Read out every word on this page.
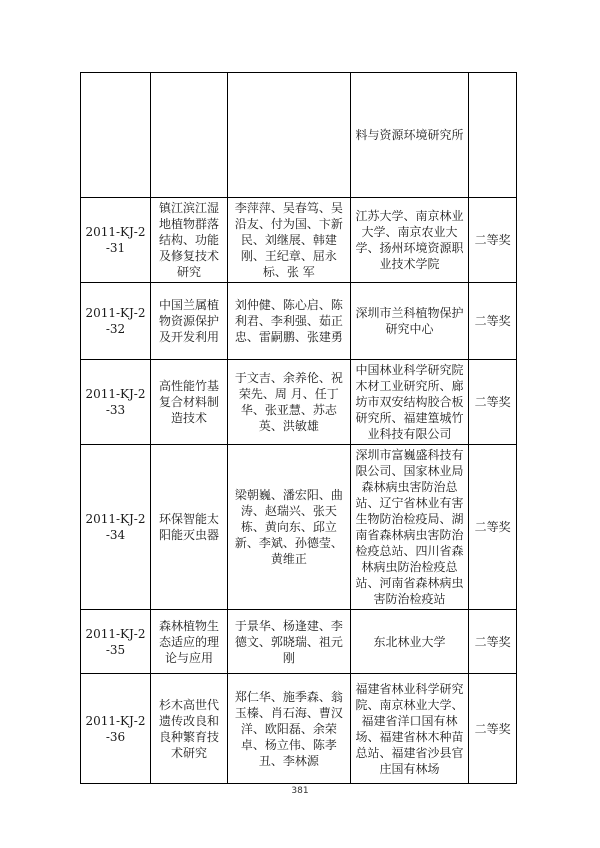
			料与资源环境研究所	
2011-KJ-2-31	镇江滨江湿地植物群落结构、功能及修复技术研究	李萍萍、吴春笃、吴沿友、付为国、卞新民、刘继展、韩建刚、王纪章、屈永标、张 军	江苏大学、南京林业大学、南京农业大学、扬州环境资源职业技术学院	二等奖
2011-KJ-2-32	中国兰属植物资源保护及开发利用	刘仲健、陈心启、陈利君、李利强、茹正忠、雷嗣鹏、张建勇	深圳市兰科植物保护研究中心	二等奖
2011-KJ-2-33	高性能竹基复合材料制造技术	于文吉、余养伦、祝荣先、周 月、任丁华、张亚慧、苏志英、洪敏雄	中国林业科学研究院木材工业研究所、廊坊市双安结构胶合板研究所、福建篁城竹业科技有限公司	二等奖
2011-KJ-2-34	环保智能太阳能灭虫器	梁朝巍、潘宏阳、曲涛、赵瑞兴、张天栋、黄向东、邱立新、李斌、孙德莹、黄维正	深圳市富巍盛科技有限公司、国家林业局森林病虫害防治总站、辽宁省林业有害生物防治检疫局、湖南省森林病虫害防治检疫总站、四川省森林病虫防治检疫总站、河南省森林病虫害防治检疫站	二等奖
2011-KJ-2-35	森林植物生态适应的理论与应用	于景华、杨逢建、李德文、郭晓瑞、祖元刚	东北林业大学	二等奖
2011-KJ-2-36	杉木高世代遗传改良和良种繁育技术研究	郑仁华、施季森、翁玉榛、肖石海、曹汉洋、欧阳磊、余荣卓、杨立伟、陈孝丑、李林源	福建省林业科学研究院、南京林业大学、福建省洋口国有林场、福建省林木种苗总站、福建省沙县官庄国有林场	二等奖
381
